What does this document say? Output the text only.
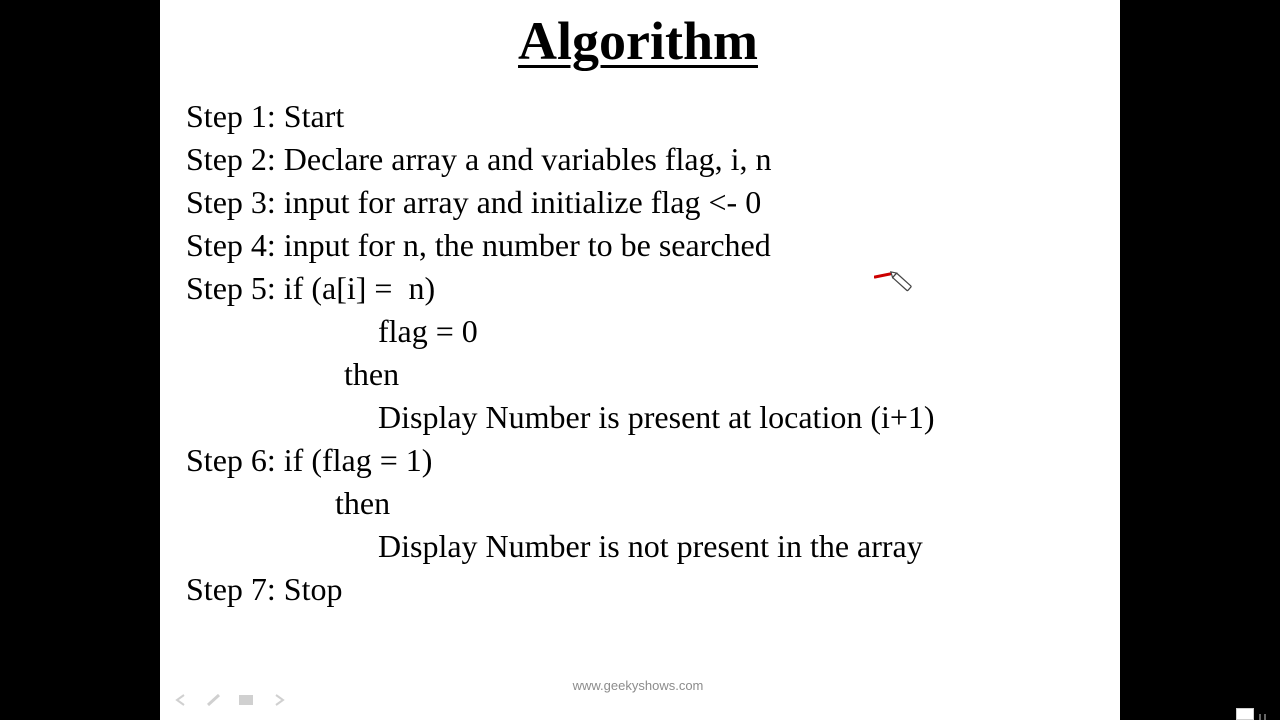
Algorithm
Step 1: Start
Step 2: Declare array a and variables flag, i, n
Step 3: input for array and initialize flag <- 0
Step 4: input for n, the number to be searched
Step 5: if (a[i] =  n)
flag = 0
then
Display Number is present at location (i+1)
Step 6: if (flag = 1)
then
Display Number is not present in the array
Step 7: Stop
www.geekyshows.com
